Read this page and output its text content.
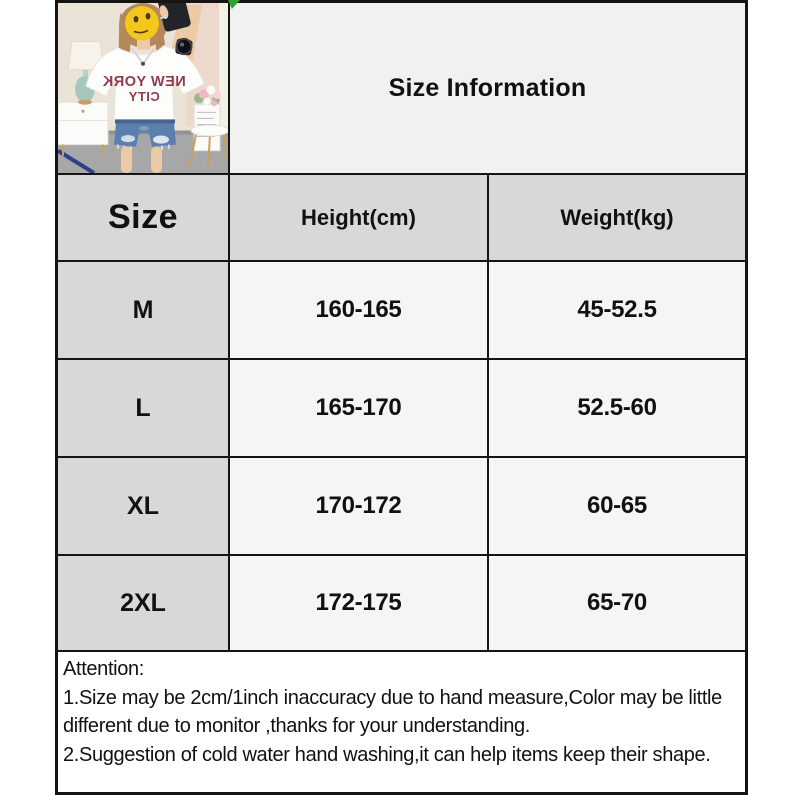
NEW YORK
CITY	Size Information
Size	Height(cm)	Weight(kg)
M	160-165	45-52.5
L	165-170	52.5-60
XL	170-172	60-65
2XL	172-175	65-70
Attention:
1.Size may be 2cm/1inch inaccuracy due to hand measure,Color may be little different due to monitor ,thanks for your understanding.
2.Suggestion of cold water hand washing,it can help items keep their shape.
